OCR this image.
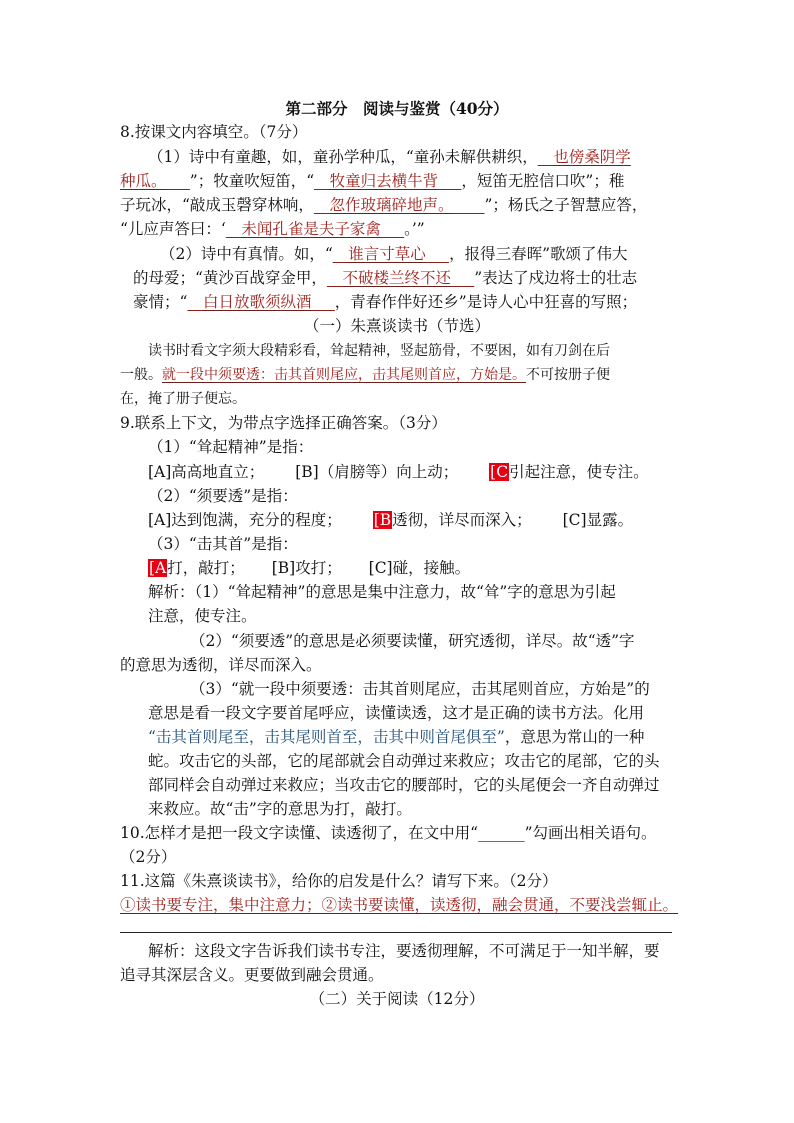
第二部分　阅读与鉴赏（40分）
8.按课文内容填空。（7分）
（1）诗中有童趣，如，童孙学种瓜，“童孙未解供耕织，__也傍桑阴学
种瓜。___”；牧童吹短笛，“__牧童归去横牛背___，短笛无腔信口吹”；稚
子玩冰，“敲成玉磬穿林响，__忽作玻璃碎地声。____”；杨氏之子智慧应答，
“儿应声答曰：‘__未闻孔雀是夫子家禽___。’”
（2）诗中有真情。如，“__谁言寸草心___，报得三春晖”歌颂了伟大
的母爱；“黄沙百战穿金甲，__不破楼兰终不还___”表达了戍边将士的壮志
豪情；“__白日放歌须纵酒___，青春作伴好还乡”是诗人心中狂喜的写照；
（一）朱熹谈读书（节选）
读书时看文字须大段精彩看，耸起精神，竖起筋骨，不要困，如有刀剑在后
一般。就一段中须要透：击其首则尾应，击其尾则首应，方始是。不可按册子便
在，掩了册子便忘。
9.联系上下文，为带点字选择正确答案。（3分）
（1）“耸起精神”是指：
[A]高高地直立； [B]（肩膀等）向上动； [C引起注意，使专注。
（2）“须要透”是指：
[A]达到饱满，充分的程度； [B透彻，详尽而深入； [C]显露。
（3）“击其首”是指：
[A打，敲打； [B]攻打； [C]碰，接触。
解析：（1）“耸起精神”的意思是集中注意力，故“耸”字的意思为引起
注意，使专注。
（2）“须要透”的意思是必须要读懂，研究透彻，详尽。故“透”字
的意思为透彻，详尽而深入。
（3）“就一段中须要透：击其首则尾应，击其尾则首应，方始是”的
意思是看一段文字要首尾呼应，读懂读透，这才是正确的读书方法。化用
“击其首则尾至，击其尾则首至，击其中则首尾俱至”，意思为常山的一种
蛇。攻击它的头部，它的尾部就会自动弹过来救应；攻击它的尾部，它的头
部同样会自动弹过来救应；当攻击它的腰部时，它的头尾便会一齐自动弹过
来救应。故“击”字的意思为打，敲打。
10.怎样才是把一段文字读懂、读透彻了，在文中用“______”勾画出相关语句。
（2分）
11.这篇《朱熹谈读书》，给你的启发是什么？请写下来。（2分）
①读书要专注，集中注意力；②读书要读懂，读透彻，融会贯通，不要浅尝辄止。
解析：这段文字告诉我们读书专注，要透彻理解，不可满足于一知半解，要
追寻其深层含义。更要做到融会贯通。
（二）关于阅读（12分）
